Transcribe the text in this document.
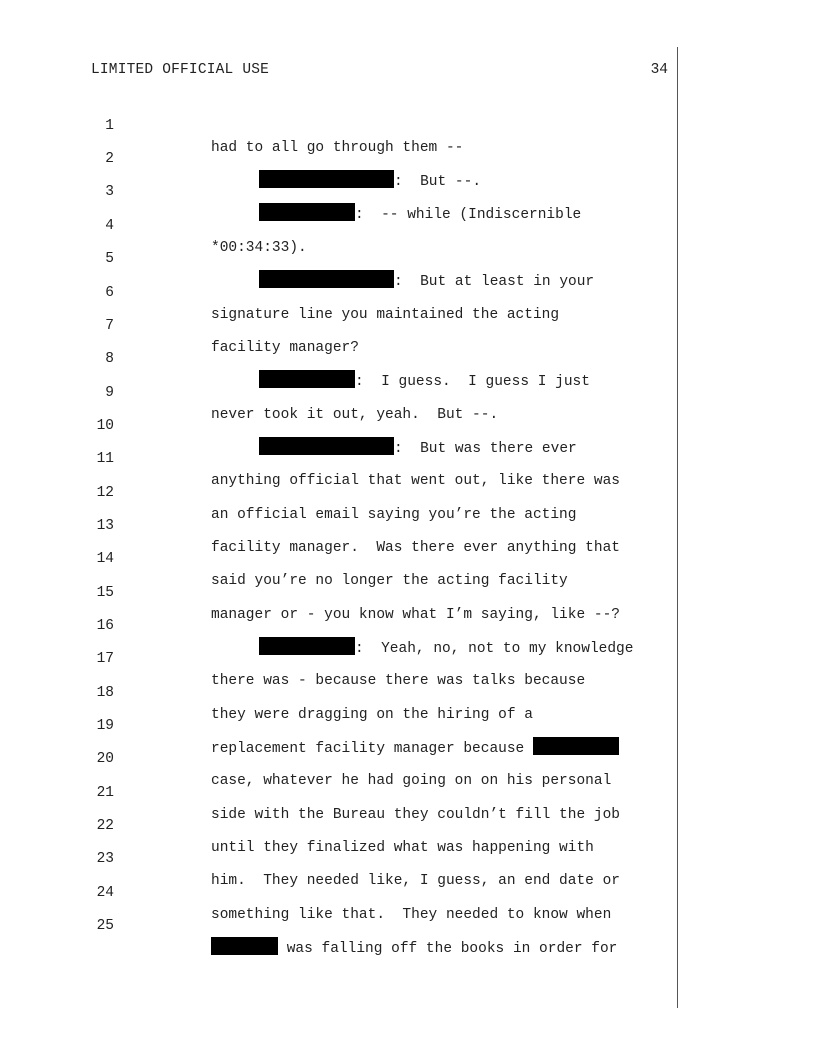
LIMITED OFFICIAL USE	34

1

had to all go through them --

2

:  But --.

3

:  -- while (Indiscernible

4

*00:34:33).

5

:  But at least in your

6

signature line you maintained the acting

7

facility manager?

8

:  I guess.  I guess I just

9

never took it out, yeah.  But --.

10

:  But was there ever

11

anything official that went out, like there was

12

an official email saying you’re the acting

13

facility manager.  Was there ever anything that

14

said you’re no longer the acting facility

15

manager or - you know what I’m saying, like --?

16

:  Yeah, no, not to my knowledge

17

there was - because there was talks because

18

they were dragging on the hiring of a

19

replacement facility manager because

20

case, whatever he had going on on his personal

21

side with the Bureau they couldn’t fill the job

22

until they finalized what was happening with

23

him.  They needed like, I guess, an end date or

24

something like that.  They needed to know when

25

was falling off the books in order for
